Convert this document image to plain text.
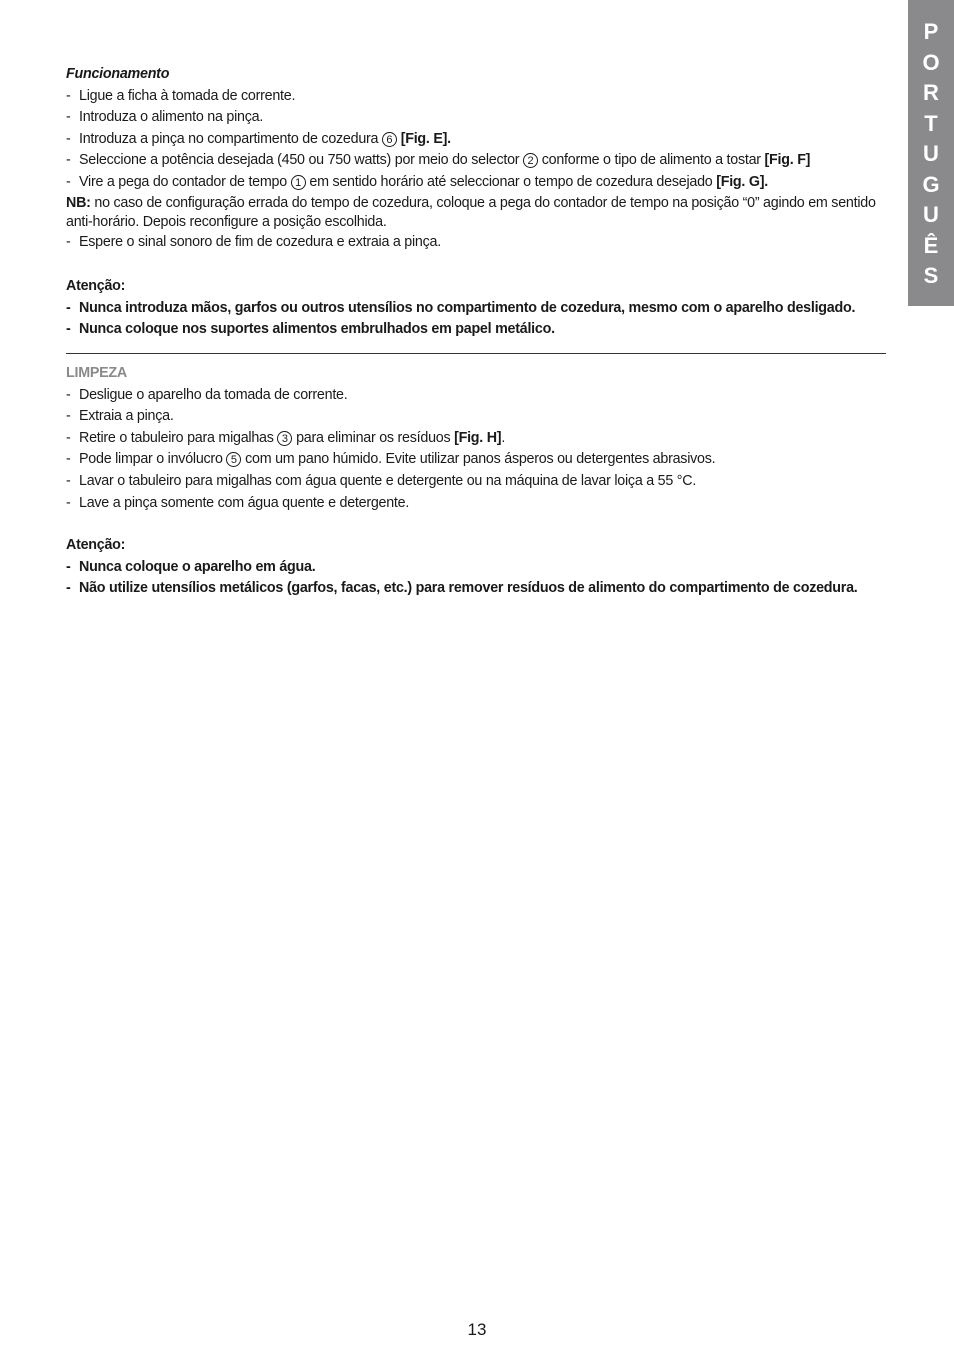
P
O
R
T
U
G
U
Ê
S

Funcionamento

- Ligue a ficha à tomada de corrente.

- Introduza o alimento na pinça.

- Introduza a pinça no compartimento de cozedura 6 [Fig. E].

- Seleccione a potência desejada (450 ou 750 watts) por meio do selector 2 conforme o tipo de alimento a tostar [Fig. F]

- Vire a pega do contador de tempo 1 em sentido horário até seleccionar o tempo de cozedura desejado [Fig. G].

NB: no caso de configuração errada do tempo de cozedura, coloque a pega do contador de tempo na posição “0” agindo em sentido anti-horário. Depois reconfigure a posição escolhida.

- Espere o sinal sonoro de fim de cozedura e extraia a pinça.

Atenção:

- Nunca introduza mãos, garfos ou outros utensílios no compartimento de cozedura, mesmo com o aparelho desligado.

- Nunca coloque nos suportes alimentos embrulhados em papel metálico.

LIMPEZA

- Desligue o aparelho da tomada de corrente.

- Extraia a pinça.

- Retire o tabuleiro para migalhas 3 para eliminar os resíduos [Fig. H].

- Pode limpar o invólucro 5 com um pano húmido. Evite utilizar panos ásperos ou detergentes abrasivos.

- Lavar o tabuleiro para migalhas com água quente e detergente ou na máquina de lavar loiça a 55 °C.

- Lave a pinça somente com água quente e detergente.

Atenção:

- Nunca coloque o aparelho em água.

- Não utilize utensílios metálicos (garfos, facas, etc.) para remover resíduos de alimento do compartimento de cozedura.

13
